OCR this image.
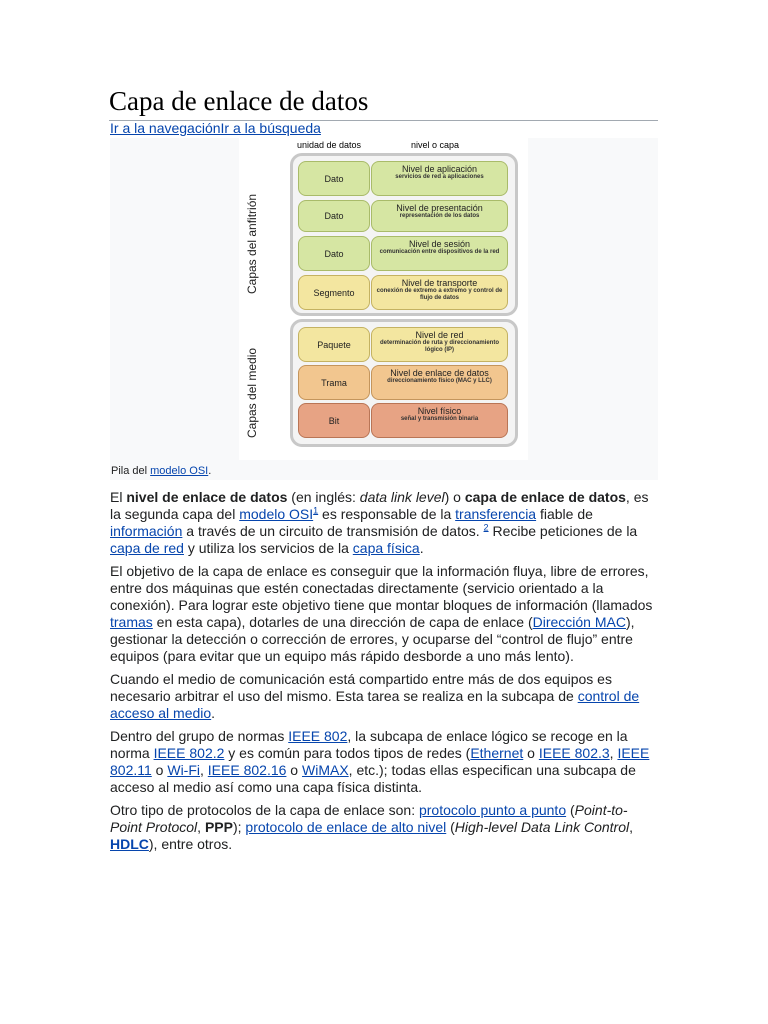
Capa de enlace de datos
Ir a la navegaciónIr a la búsqueda
unidad de datos	nivel o capa
Capas del anfitrión
Capas del medio
Dato
Nivel de aplicación
servicios de red a aplicaciones
Dato
Nivel de presentación
representación de los datos
Dato
Nivel de sesión
comunicación entre dispositivos de la red
Segmento
Nivel de transporte
conexión de extremo a extremo y control de flujo de datos
Paquete
Nivel de red
determinación de ruta y direccionamiento lógico (IP)
Trama
Nivel de enlace de datos
direccionamiento físico (MAC y LLC)
Bit
Nivel físico
señal y transmisión binaria
Pila del modelo OSI.

El nivel de enlace de datos (en inglés: data link level) o capa de enlace de datos, es la segunda capa del modelo OSI$^1$ es responsable de la transferencia fiable de información a través de un circuito de transmisión de datos. $^2$ Recibe peticiones de la capa de red y utiliza los servicios de la capa física.

El objetivo de la capa de enlace es conseguir que la información fluya, libre de errores, entre dos máquinas que estén conectadas directamente (servicio orientado a la conexión). Para lograr este objetivo tiene que montar bloques de información (llamados tramas en esta capa), dotarles de una dirección de capa de enlace (Dirección MAC), gestionar la detección o corrección de errores, y ocuparse del “control de flujo” entre equipos (para evitar que un equipo más rápido desborde a uno más lento).

Cuando el medio de comunicación está compartido entre más de dos equipos es necesario arbitrar el uso del mismo. Esta tarea se realiza en la subcapa de control de acceso al medio.

Dentro del grupo de normas IEEE 802, la subcapa de enlace lógico se recoge en la norma IEEE 802.2 y es común para todos tipos de redes (Ethernet o IEEE 802.3, IEEE 802.11 o Wi-Fi, IEEE 802.16 o WiMAX, etc.); todas ellas especifican una subcapa de acceso al medio así como una capa física distinta.

Otro tipo de protocolos de la capa de enlace son: protocolo punto a punto (Point-to-Point Protocol, PPP); protocolo de enlace de alto nivel (High-level Data Link Control, HDLC), entre otros.
